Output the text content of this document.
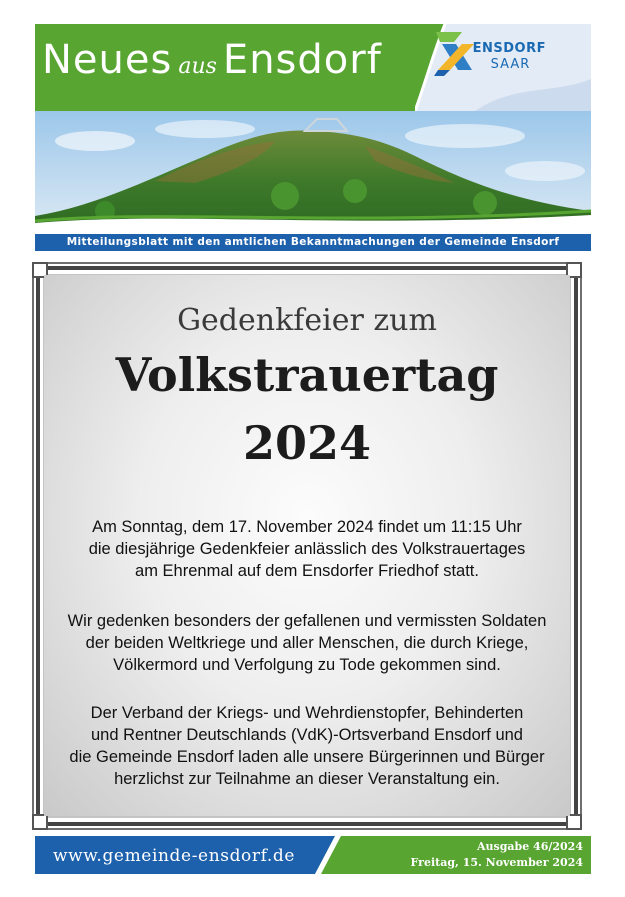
Neues aus Ensdorf	ENSDORF
SAAR
Mitteilungsblatt mit den amtlichen Bekanntmachungen der Gemeinde Ensdorf
Gedenkfeier zum
Volkstrauertag
2024
Am Sonntag, dem 17. November 2024 findet um 11:15 Uhr
die diesjährige Gedenkfeier anlässlich des Volkstrauertages
am Ehrenmal auf dem Ensdorfer Friedhof statt.
Wir gedenken besonders der gefallenen und vermissten Soldaten
der beiden Weltkriege und aller Menschen, die durch Kriege,
Völkermord und Verfolgung zu Tode gekommen sind.
Der Verband der Kriegs- und Wehrdienstopfer, Behinderten
und Rentner Deutschlands (VdK)-Ortsverband Ensdorf und
die Gemeinde Ensdorf laden alle unsere Bürgerinnen und Bürger
herzlichst zur Teilnahme an dieser Veranstaltung ein.
www.gemeinde-ensdorf.de	Ausgabe 46/2024
Freitag, 15. November 2024
